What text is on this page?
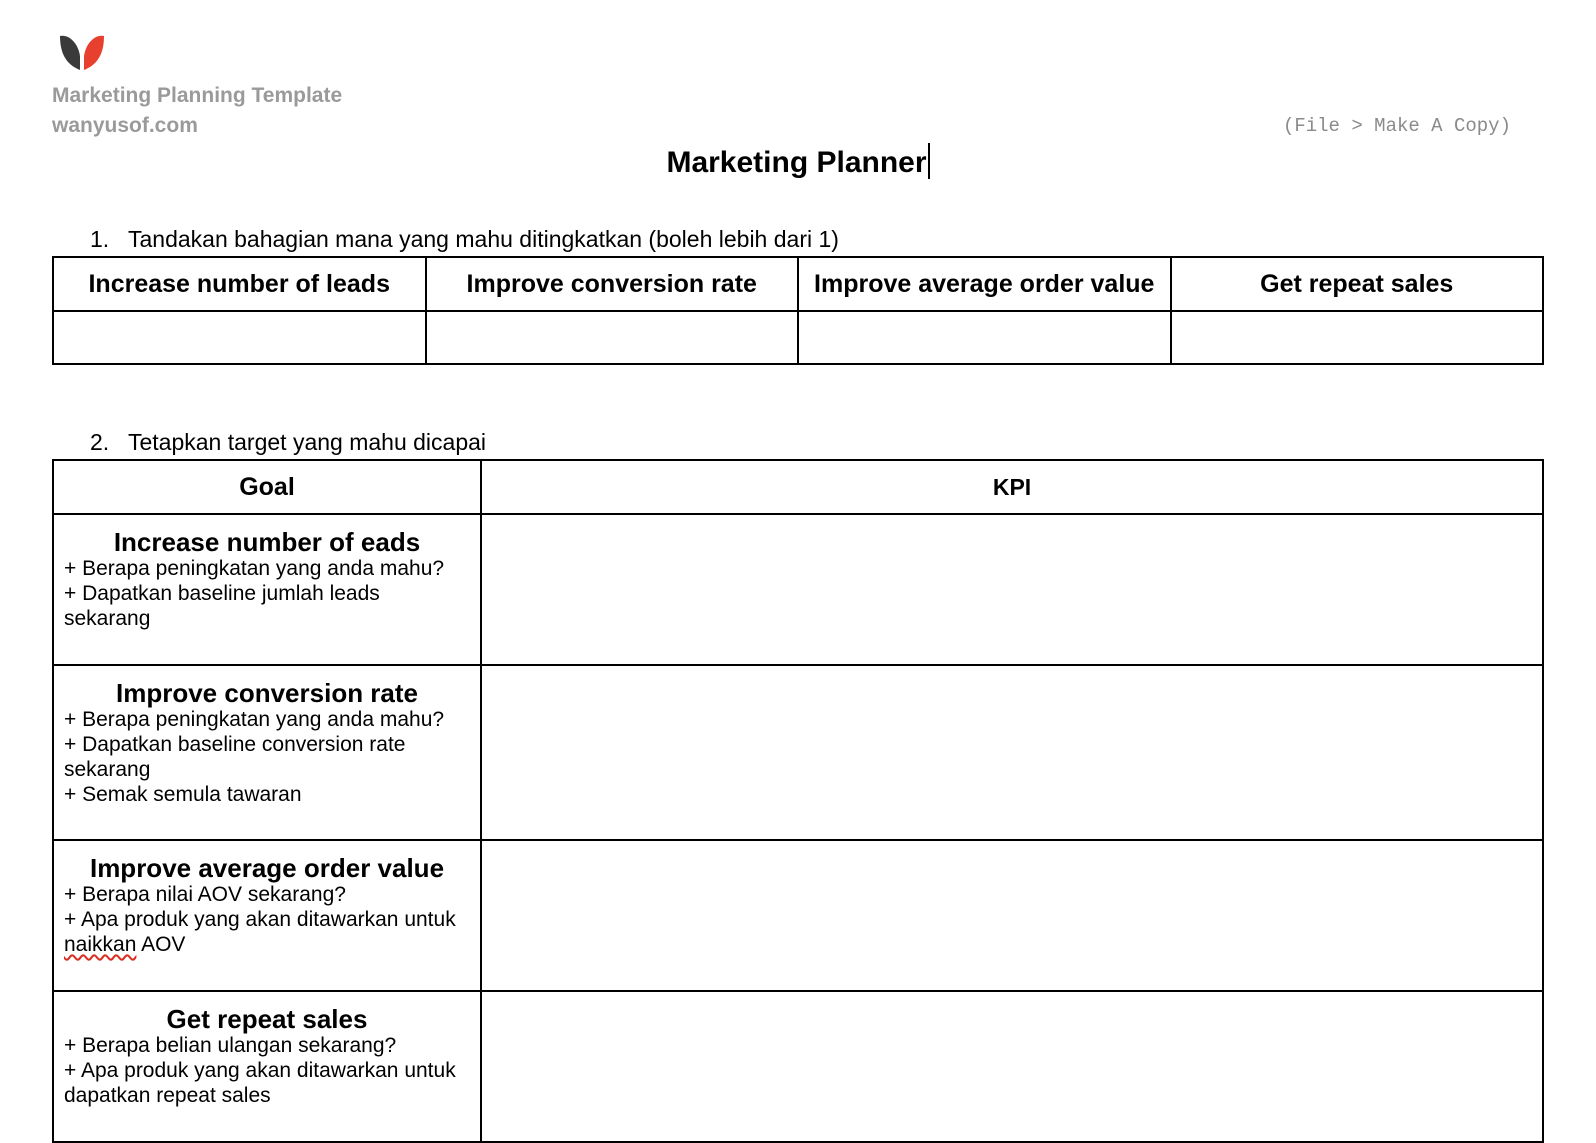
Marketing Planning Template
wanyusof.com	(File > Make A Copy)
Marketing Planner
1. Tandakan bahagian mana yang mahu ditingkatkan (boleh lebih dari 1)
Increase number of leads	Improve conversion rate	Improve average order value	Get repeat sales

2. Tetapkan target yang mahu dicapai
Goal	KPI

Increase number of eads
+ Berapa peningkatan yang anda mahu?
+ Dapatkan baseline jumlah leads sekarang	

Improve conversion rate
+ Berapa peningkatan yang anda mahu?
+ Dapatkan baseline conversion rate sekarang
+ Semak semula tawaran	

Improve average order value
+ Berapa nilai AOV sekarang?
+ Apa produk yang akan ditawarkan untuk naikkan AOV	

Get repeat sales
+ Berapa belian ulangan sekarang?
+ Apa produk yang akan ditawarkan untuk dapatkan repeat sales	
